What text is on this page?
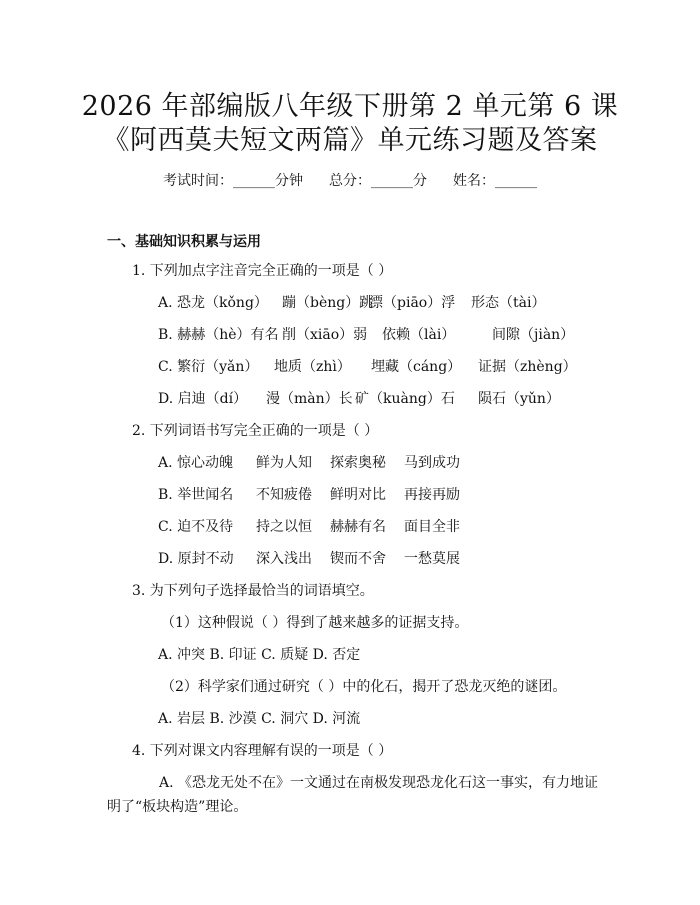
2026 年部编版八年级下册第 2 单元第 6 课
《阿西莫夫短文两篇》单元练习题及答案
考试时间：______分钟 总分：______分 姓名：______
一、基础知识积累与运用
1. 下列加点字注音完全正确的一项是（ ）
A. 恐龙（kǒng） 蹦（bèng）跳漂（piāo）浮 形态（tài）
B. 赫赫（hè）有名 削（xiāo）弱 依赖（lài）	间隙（jiàn）
C. 繁衍（yǎn） 地质（zhì） 埋藏（cáng） 证据（zhèng）
D. 启迪（dí） 漫（màn）长 矿（kuàng）石 陨石（yǔn）
2. 下列词语书写完全正确的一项是（ ）
A. 惊心动魄 鲜为人知 探索奥秘 马到成功
B. 举世闻名 不知疲倦 鲜明对比 再接再励
C. 迫不及待 持之以恒 赫赫有名 面目全非
D. 原封不动 深入浅出 锲而不舍 一愁莫展
3. 为下列句子选择最恰当的词语填空。
（1）这种假说（ ）得到了越来越多的证据支持。
A. 冲突 B. 印证 C. 质疑 D. 否定
（2）科学家们通过研究（ ）中的化石，揭开了恐龙灭绝的谜团。
A. 岩层 B. 沙漠 C. 洞穴 D. 河流
4. 下列对课文内容理解有误的一项是（ ）
A. 《恐龙无处不在》一文通过在南极发现恐龙化石这一事实，有力地证
明了“板块构造”理论。
